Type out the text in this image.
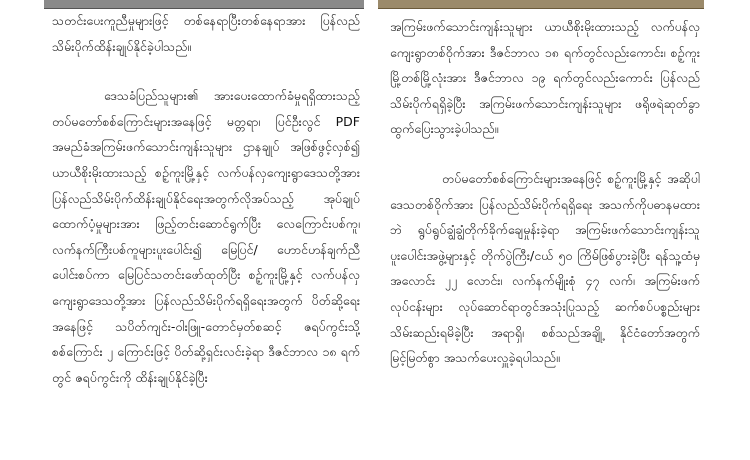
သတင်းပေးကူညီမှုများဖြင့် တစ်နေရာပြီးတစ်နေရာအား ပြန်လည်သိမ်းပိုက်ထိန်းချုပ်နိုင်ခဲ့ပါသည်။

ဒေသခံပြည်သူများ၏ အားပေးထောက်ခံမှုရရှိထားသည့် တပ်မတော်စစ်ကြောင်းများအနေဖြင့် မတ္တရာ၊ ပြင်ဦးလွင် PDF အမည်ခံအကြမ်းဖက်သောင်းကျန်းသူများ ဌာနချုပ် အဖြစ်ဖွင့်လှစ်၍ ယာယီစိုးမိုးထားသည့် စဥ့်ကူးမြို့နှင့် လက်ပန်လှကျေးရွာဒေသတို့အား ပြန်လည်သိမ်းပိုက်ထိန်းချုပ်နိုင်ရေးအတွက်လိုအပ်သည့် အုပ်ချုပ်ထောက်ပံ့မှုများအား ဖြည့်တင်းဆောင်ရွက်ပြီး လေကြောင်းပစ်ကူ၊ လက်နက်ကြီးပစ်ကူများပူးပေါင်း၍ မြေပြင်/ ဟောင်ဟန်ချက်ညီပေါင်းစပ်ကာ မြေပြင်သတင်းဖော်ထုတ်ပြီး စဥ့်ကူးမြို့နှင့် လက်ပန်လှကျေးရွာဒေသတို့အား ပြန်လည်သိမ်းပိုက်ရရှိရေးအတွက် ပိတ်ဆို့ရေးအနေဖြင့် သပိတ်ကျင်း-ဝါးဖြူ-တောင်မှတ်စဆင့် ဇရပ်ကွင်းသို့ စစ်ကြောင်း ၂ ကြောင်းဖြင့် ပိတ်ဆို့ရှင်းလင်းခဲ့ရာ ဒီဇင်ဘာလ ၁၈ ရက်တွင် ဇရပ်ကွင်းကို ထိန်းချုပ်နိုင်ခဲ့ပြီး

အကြမ်းဖက်သောင်းကျန်းသူများ ယာယီစိုးမိုးထားသည့် လက်ပန်လှကျေးရွာတစ်ဝိုက်အား ဒီဇင်ဘာလ ၁၈ ရက်တွင်လည်းကောင်း၊ စဥ့်ကူးမြို့တစ်မြို့လုံးအား ဒီဇင်ဘာလ ၁၉ ရက်တွင်လည်းကောင်း ပြန်လည်သိမ်းပိုက်ရရှိခဲ့ပြီး အကြမ်းဖက်သောင်းကျန်းသူများ ဖရိုဖရဲဆုတ်ခွာထွက်ပြေးသွားခဲ့ပါသည်။

တပ်မတော်စစ်ကြောင်းများအနေဖြင့် စဥ့်ကူးမြို့နှင့် အဆိုပါဒေသတစ်ဝိုက်အား ပြန်လည်သိမ်းပိုက်ရရှိရေး အသက်ကိုပဓာနမထားဘဲ ရွပ်ရွပ်ချွံချွံတိုက်ခိုက်ချေမှုန်းခဲ့ရာ အကြမ်းဖက်သောင်းကျန်းသူ ပူးပေါင်းအဖွဲ့များနှင့် တိုက်ပွဲကြီး/ငယ် ၅၀ ကြိမ်ဖြစ်ပွားခဲ့ပြီး ရန်သူ့ထံမှ အလောင်း ၂၂ လောင်း၊ လက်နက်မျိုးစုံ ၄၇ လက်၊ အကြမ်းဖက်လုပ်ငန်းများ လုပ်ဆောင်ရာတွင်အသုံးပြုသည့် ဆက်စပ်ပစ္စည်းများ သိမ်းဆည်းရမိခဲ့ပြီး အရာရှိ၊ စစ်သည်အချို့ နိုင်ငံတော်အတွက် မြင့်မြတ်စွာ အသက်ပေးလှူခဲ့ရပါသည်။
